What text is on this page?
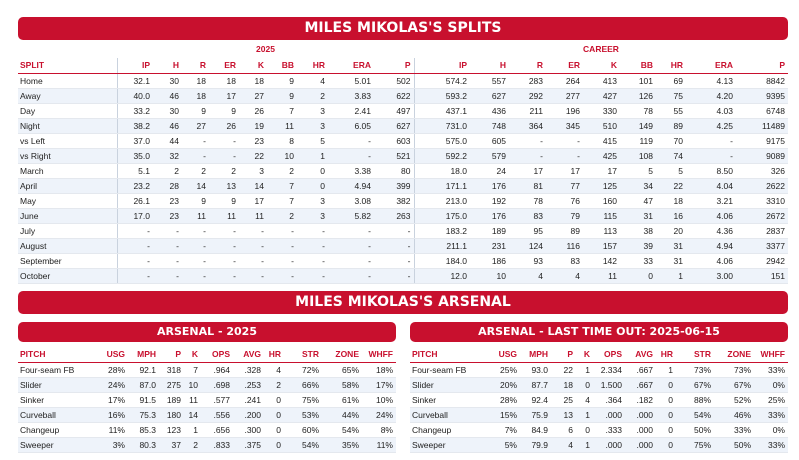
MILES MIKOLAS'S SPLITS
2025	CAREER
SPLIT	IP	H	R	ER	K	BB	HR	ERA	P	IP	H	R	ER	K	BB	HR	ERA	P
Home	32.1	30	18	18	18	9	4	5.01	502	574.2	557	283	264	413	101	69	4.13	8842
Away	40.0	46	18	17	27	9	2	3.83	622	593.2	627	292	277	427	126	75	4.20	9395
Day	33.2	30	9	9	26	7	3	2.41	497	437.1	436	211	196	330	78	55	4.03	6748
Night	38.2	46	27	26	19	11	3	6.05	627	731.0	748	364	345	510	149	89	4.25	11489
vs Left	37.0	44	-	-	23	8	5	-	603	575.0	605	-	-	415	119	70	-	9175
vs Right	35.0	32	-	-	22	10	1	-	521	592.2	579	-	-	425	108	74	-	9089
March	5.1	2	2	2	3	2	0	3.38	80	18.0	24	17	17	17	5	5	8.50	326
April	23.2	28	14	13	14	7	0	4.94	399	171.1	176	81	77	125	34	22	4.04	2622
May	26.1	23	9	9	17	7	3	3.08	382	213.0	192	78	76	160	47	18	3.21	3310
June	17.0	23	11	11	11	2	3	5.82	263	175.0	176	83	79	115	31	16	4.06	2672
July	-	-	-	-	-	-	-	-	-	183.2	189	95	89	113	38	20	4.36	2837
August	-	-	-	-	-	-	-	-	-	211.1	231	124	116	157	39	31	4.94	3377
September	-	-	-	-	-	-	-	-	-	184.0	186	93	83	142	33	31	4.06	2942
October	-	-	-	-	-	-	-	-	-	12.0	10	4	4	11	0	1	3.00	151
MILES MIKOLAS'S ARSENAL
ARSENAL - 2025	ARSENAL - LAST TIME OUT: 2025-06-15
PITCH	USG	MPH	P	K	OPS	AVG	HR	STR	ZONE	WHFF
Four-seam FB	28%	92.1	318	7	.964	.328	4	72%	65%	18%
Slider	24%	87.0	275	10	.698	.253	2	66%	58%	17%
Sinker	17%	91.5	189	11	.577	.241	0	75%	61%	10%
Curveball	16%	75.3	180	14	.556	.200	0	53%	44%	24%
Changeup	11%	85.3	123	1	.656	.300	0	60%	54%	8%
Sweeper	3%	80.3	37	2	.833	.375	0	54%	35%	11%
PITCH	USG	MPH	P	K	OPS	AVG	HR	STR	ZONE	WHFF
Four-seam FB	25%	93.0	22	1	2.334	.667	1	73%	73%	33%
Slider	20%	87.7	18	0	1.500	.667	0	67%	67%	0%
Sinker	28%	92.4	25	4	.364	.182	0	88%	52%	25%
Curveball	15%	75.9	13	1	.000	.000	0	54%	46%	33%
Changeup	7%	84.9	6	0	.333	.000	0	50%	33%	0%
Sweeper	5%	79.9	4	1	.000	.000	0	75%	50%	33%
